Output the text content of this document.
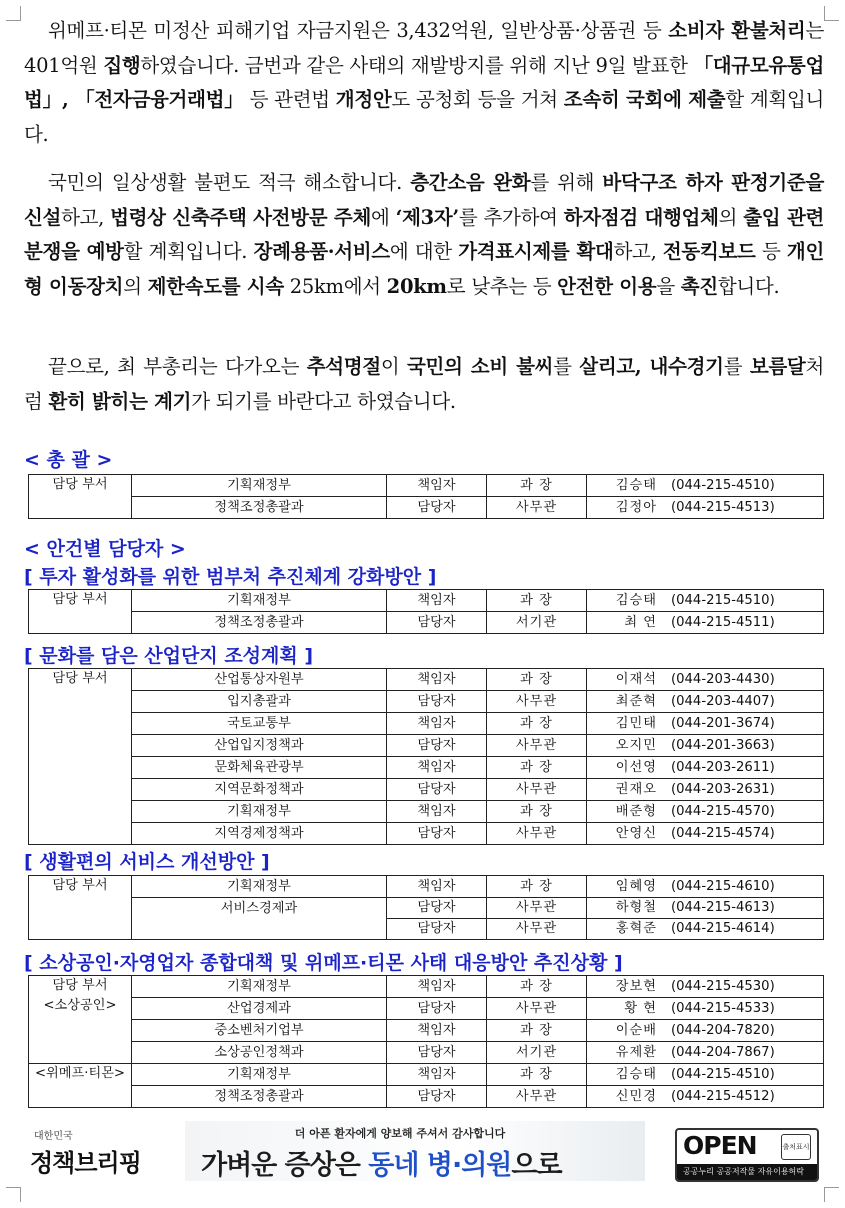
위메프·티몬 미정산 피해기업 자금지원은 3,432억원, 일반상품·상품권 등 소비자 환불처리는 401억원 집행하였습니다. 금번과 같은 사태의 재발방지를 위해 지난 9일 발표한 「대규모유통업법」, 「전자금융거래법」 등 관련법 개정안도 공청회 등을 거쳐 조속히 국회에 제출할 계획입니다.
국민의 일상생활 불편도 적극 해소합니다. 층간소음 완화를 위해 바닥구조 하자 판정기준을 신설하고, 법령상 신축주택 사전방문 주체에 ‘제3자’를 추가하여 하자점검 대행업체의 출입 관련 분쟁을 예방할 계획입니다. 장례용품·서비스에 대한 가격표시제를 확대하고, 전동킥보드 등 개인형 이동장치의 제한속도를 시속 25km에서 20km로 낮추는 등 안전한 이용을 촉진합니다.
끝으로, 최 부총리는 다가오는 추석명절이 국민의 소비 불씨를 살리고, 내수경기를 보름달처럼 환히 밝히는 계기가 되기를 바란다고 하였습니다.
< 총 괄 >
담당 부서	기획재정부	책임자	과 장	김승태 (044-215-4510)
	정책조정총괄과	담당자	사무관	김정아 (044-215-4513)
< 안건별 담당자 >
[ 투자 활성화를 위한 범부처 추진체계 강화방안 ]
담당 부서	기획재정부	책임자	과 장	김승태 (044-215-4510)
	정책조정총괄과	담당자	서기관	최 연 (044-215-4511)
[ 문화를 담은 산업단지 조성계획 ]
담당 부서	산업통상자원부	책임자	과 장	이재석 (044-203-4430)
	입지총괄과	담당자	사무관	최준혁 (044-203-4407)
	국토교통부	책임자	과 장	김민태 (044-201-3674)
	산업입지정책과	담당자	사무관	오지민 (044-201-3663)
	문화체육관광부	책임자	과 장	이선영 (044-203-2611)
	지역문화정책과	담당자	사무관	권재오 (044-203-2631)
	기획재정부	책임자	과 장	배준형 (044-215-4570)
	지역경제정책과	담당자	사무관	안영신 (044-215-4574)
[ 생활편의 서비스 개선방안 ]
담당 부서	기획재정부	책임자	과 장	임혜영 (044-215-4610)
	서비스경제과	담당자	사무관	하형철 (044-215-4613)
		담당자	사무관	홍혁준 (044-215-4614)
[ 소상공인·자영업자 종합대책 및 위메프·티몬 사태 대응방안 추진상황 ]
담당 부서
<소상공인>	기획재정부	책임자	과 장	장보현 (044-215-4530)
	산업경제과	담당자	사무관	황 현 (044-215-4533)
	중소벤처기업부	책임자	과 장	이순배 (044-204-7820)
	소상공인정책과	담당자	서기관	유제환 (044-204-7867)

<위메프·티몬>	기획재정부	책임자	과 장	김승태 (044-215-4510)
	정책조정총괄과	담당자	사무관	신민경 (044-215-4512)
대한민국
정책브리핑
더 아픈 환자에게 양보해 주셔서 감사합니다
가벼운 증상은 동네 병·의원으로
OPEN	출처표시
공공누리 공공저작물 자유이용허락
